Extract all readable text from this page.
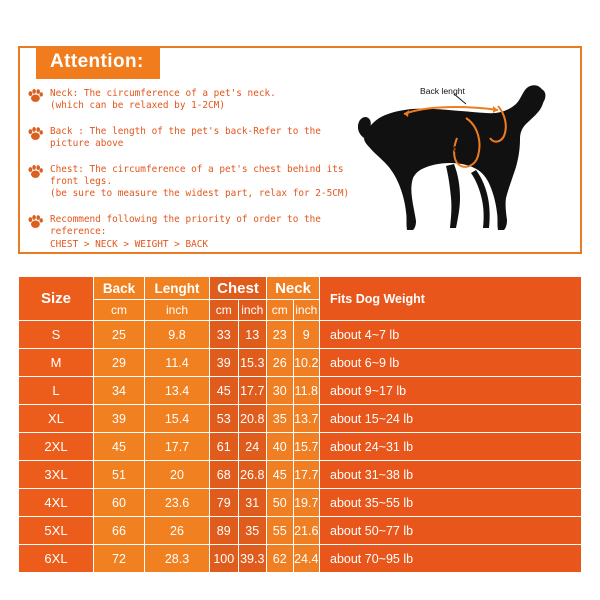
Attention:
Neck: The circumference of a pet's neck.
(which can be relaxed by 1-2CM)
Back : The length of the pet's back-Refer to the picture above
Chest: The circumference of a pet's chest behind its front legs.
(be sure to measure the widest part, relax for 2-5CM)
Recommend following the priority of order to the reference:
CHEST > NECK > WEIGHT > BACK
Back lenght
Neck
Chest
Size	Back	Lenght	Chest		Neck		Fits Dog Weight
	cm	inch	cm	inch	cm	inch	
S	25	9.8	33	13	23	9	about 4~7 lb
M	29	11.4	39	15.3	26	10.2	about 6~9 lb
L	34	13.4	45	17.7	30	11.8	about 9~17 lb
XL	39	15.4	53	20.8	35	13.7	about 15~24 lb
2XL	45	17.7	61	24	40	15.7	about 24~31 lb
3XL	51	20	68	26.8	45	17.7	about 31~38 lb
4XL	60	23.6	79	31	50	19.7	about 35~55 lb
5XL	66	26	89	35	55	21.6	about 50~77 lb
6XL	72	28.3	100	39.3	62	24.4	about 70~95 lb
